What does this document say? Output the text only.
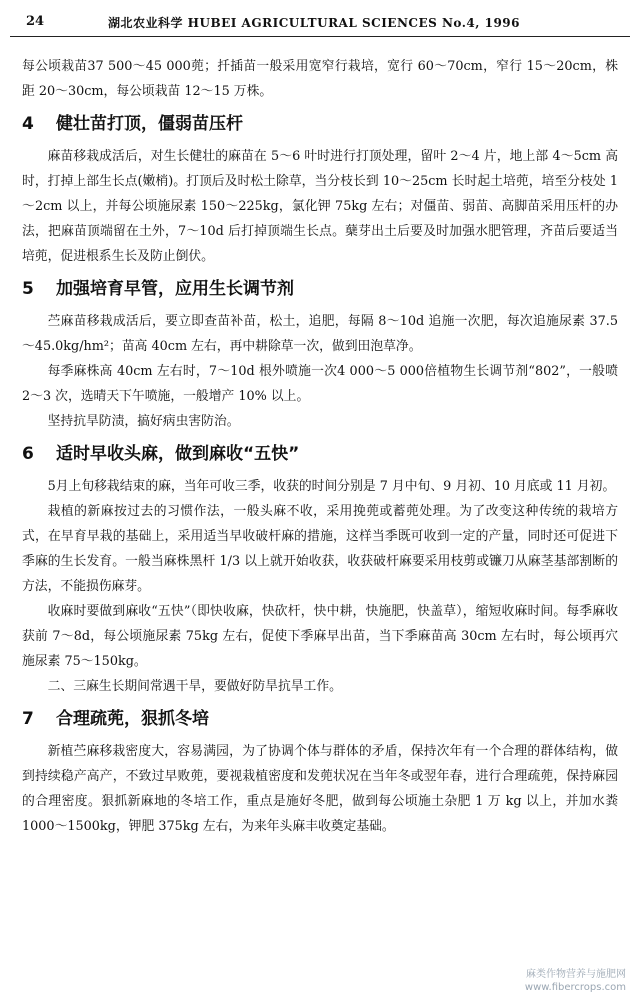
24	湖北农业科学 HUBEI AGRICULTURAL SCIENCES No.4, 1996

每公顷栽苗37 500～45 000蔸；扦插苗一般采用宽窄行栽培，宽行 60～70cm，窄行 15～20cm，株距 20～30cm，每公顷栽苗 12～15 万株。

4 健壮苗打顶，僵弱苗压杆

麻苗移栽成活后，对生长健壮的麻苗在 5～6 叶时进行打顶处理，留叶 2～4 片，地上部 4～5cm 高时，打掉上部生长点(嫩梢)。打顶后及时松土除草，当分枝长到 10～25cm 长时起土培蔸，培至分枝处 1～2cm 以上，并每公顷施尿素 150～225kg，氯化钾 75kg 左右；对僵苗、弱苗、高脚苗采用压杆的办法，把麻苗顶端留在土外，7～10d 后打掉顶端生长点。蘖芽出土后要及时加强水肥管理，齐苗后要适当培蔸，促进根系生长及防止倒伏。

5 加强培育早管，应用生长调节剂

苎麻苗移栽成活后，要立即查苗补苗，松土，追肥，每隔 8～10d 追施一次肥，每次追施尿素 37.5～45.0kg/hm²；苗高 40cm 左右，再中耕除草一次，做到田泡草净。

每季麻株高 40cm 左右时，7～10d 根外喷施一次4 000～5 000倍植物生长调节剂“802”，一般喷 2～3 次，选晴天下午喷施，一般增产 10% 以上。

坚持抗旱防渍，搞好病虫害防治。

6 适时早收头麻，做到麻收“五快”

5月上旬移栽结束的麻，当年可收三季，收获的时间分别是 7 月中旬、9 月初、10 月底或 11 月初。

栽植的新麻按过去的习惯作法，一般头麻不收，采用挽蔸或蓄蔸处理。为了改变这种传统的栽培方式，在早育早栽的基础上，采用适当早收破杆麻的措施，这样当季既可收到一定的产量，同时还可促进下季麻的生长发育。一般当麻株黑杆 1/3 以上就开始收获，收获破杆麻要采用枝剪或镰刀从麻茎基部割断的方法，不能损伤麻芽。

收麻时要做到麻收“五快”（即快收麻，快砍杆，快中耕，快施肥，快盖草），缩短收麻时间。每季麻收获前 7～8d，每公顷施尿素 75kg 左右，促使下季麻早出苗，当下季麻苗高 30cm 左右时，每公顷再穴施尿素 75～150kg。

二、三麻生长期间常遇干旱，要做好防旱抗旱工作。

7 合理疏蔸，狠抓冬培

新植苎麻移栽密度大，容易满园，为了协调个体与群体的矛盾，保持次年有一个合理的群体结构，做到持续稳产高产，不致过早败蔸，要视栽植密度和发蔸状况在当年冬或翌年春，进行合理疏蔸，保持麻园的合理密度。狠抓新麻地的冬培工作，重点是施好冬肥，做到每公顷施土杂肥 1 万 kg 以上，并加水粪1000～1500kg，钾肥 375kg 左右，为来年头麻丰收奠定基础。

麻类作物营养与施肥网
www.fibercrops.com
